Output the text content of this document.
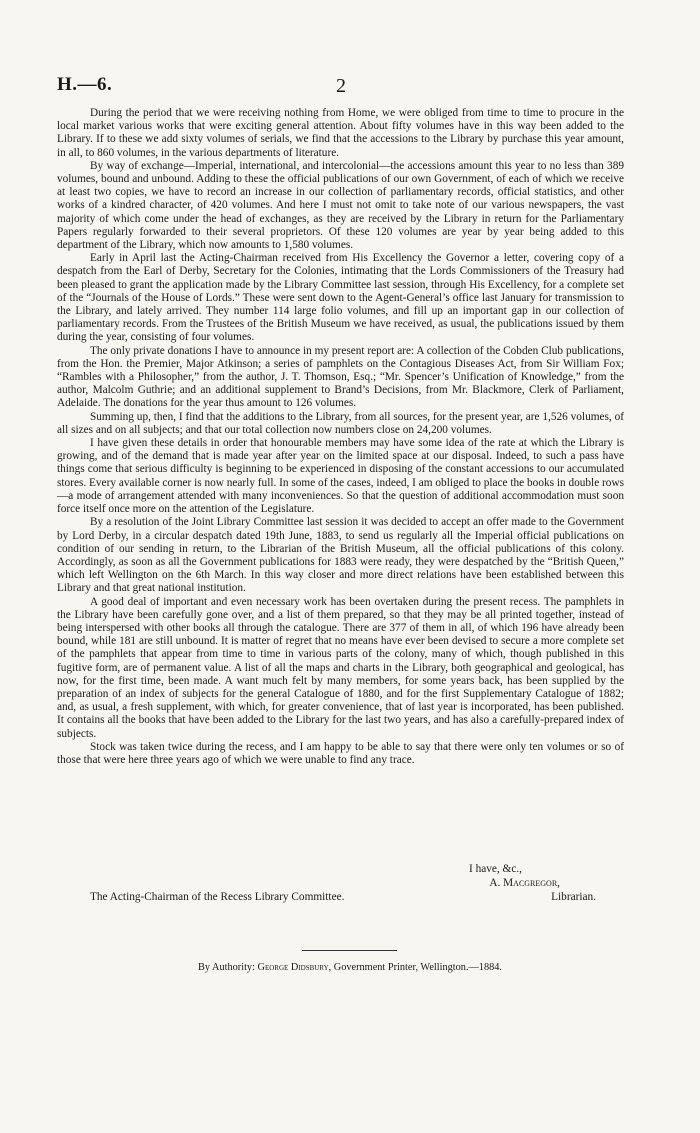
H.—6.	2

During the period that we were receiving nothing from Home, we were obliged from time to time to procure in the local market various works that were exciting general attention. About fifty volumes have in this way been added to the Library. If to these we add sixty volumes of serials, we find that the accessions to the Library by purchase this year amount, in all, to 860 volumes, in the various departments of literature.

By way of exchange—Imperial, international, and intercolonial—the accessions amount this year to no less than 389 volumes, bound and unbound. Adding to these the official publications of our own Government, of each of which we receive at least two copies, we have to record an increase in our collection of parliamentary records, official statistics, and other works of a kindred character, of 420 volumes. And here I must not omit to take note of our various newspapers, the vast majority of which come under the head of exchanges, as they are received by the Library in return for the Parliamentary Papers regularly forwarded to their several proprietors. Of these 120 volumes are year by year being added to this department of the Library, which now amounts to 1,580 volumes.

Early in April last the Acting-Chairman received from His Excellency the Governor a letter, covering copy of a despatch from the Earl of Derby, Secretary for the Colonies, intimating that the Lords Commissioners of the Treasury had been pleased to grant the application made by the Library Committee last session, through His Excellency, for a complete set of the “Journals of the House of Lords.” These were sent down to the Agent-General’s office last January for transmission to the Library, and lately arrived. They number 114 large folio volumes, and fill up an important gap in our collection of parliamentary records. From the Trustees of the British Museum we have received, as usual, the publications issued by them during the year, consisting of four volumes.

The only private donations I have to announce in my present report are: A collection of the Cobden Club publications, from the Hon. the Premier, Major Atkinson; a series of pamphlets on the Contagious Diseases Act, from Sir William Fox; “Rambles with a Philosopher,” from the author, J. T. Thomson, Esq.; “Mr. Spencer’s Unification of Knowledge,” from the author, Malcolm Guthrie; and an additional supplement to Brand’s Decisions, from Mr. Blackmore, Clerk of Parliament, Adelaide. The donations for the year thus amount to 126 volumes.

Summing up, then, I find that the additions to the Library, from all sources, for the present year, are 1,526 volumes, of all sizes and on all subjects; and that our total collection now numbers close on 24,200 volumes.

I have given these details in order that honourable members may have some idea of the rate at which the Library is growing, and of the demand that is made year after year on the limited space at our disposal. Indeed, to such a pass have things come that serious difficulty is beginning to be experienced in disposing of the constant accessions to our accumulated stores. Every available corner is now nearly full. In some of the cases, indeed, I am obliged to place the books in double rows—a mode of arrangement attended with many inconveniences. So that the question of additional accommodation must soon force itself once more on the attention of the Legislature.

By a resolution of the Joint Library Committee last session it was decided to accept an offer made to the Government by Lord Derby, in a circular despatch dated 19th June, 1883, to send us regularly all the Imperial official publications on condition of our sending in return, to the Librarian of the British Museum, all the official publications of this colony. Accordingly, as soon as all the Government publications for 1883 were ready, they were despatched by the “British Queen,” which left Wellington on the 6th March. In this way closer and more direct relations have been established between this Library and that great national institution.

A good deal of important and even necessary work has been overtaken during the present recess. The pamphlets in the Library have been carefully gone over, and a list of them prepared, so that they may be all printed together, instead of being interspersed with other books all through the catalogue. There are 377 of them in all, of which 196 have already been bound, while 181 are still unbound. It is matter of regret that no means have ever been devised to secure a more complete set of the pamphlets that appear from time to time in various parts of the colony, many of which, though published in this fugitive form, are of permanent value. A list of all the maps and charts in the Library, both geographical and geological, has now, for the first time, been made. A want much felt by many members, for some years back, has been supplied by the preparation of an index of subjects for the general Catalogue of 1880, and for the first Supplementary Catalogue of 1882; and, as usual, a fresh supplement, with which, for greater convenience, that of last year is incorporated, has been published. It contains all the books that have been added to the Library for the last two years, and has also a carefully-prepared index of subjects.

Stock was taken twice during the recess, and I am happy to be able to say that there were only ten volumes or so of those that were here three years ago of which we were unable to find any trace.

I have, &c.,
A. Macgregor,
The Acting-Chairman of the Recess Library Committee.	Librarian.
By Authority: George Didsbury, Government Printer, Wellington.—1884.
